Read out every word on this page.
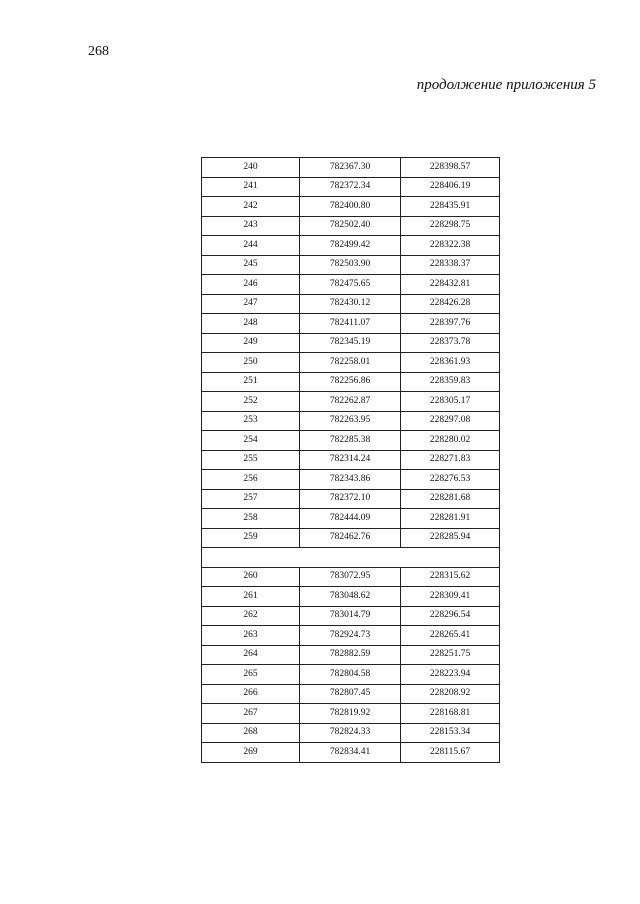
268
продолжение приложения 5
240	782367.30	228398.57
241	782372.34	228406.19
242	782400.80	228435.91
243	782502.40	228298.75
244	782499.42	228322.38
245	782503.90	228338.37
246	782475.65	228432.81
247	782430.12	228426.28
248	782411.07	228397.76
249	782345.19	228373.78
250	782258.01	228361.93
251	782256.86	228359.83
252	782262.87	228305.17
253	782263.95	228297.08
254	782285.38	228280.02
255	782314.24	228271.83
256	782343.86	228276.53
257	782372.10	228281.68
258	782444.09	228281.91
259	782462.76	228285.94

260	783072.95	228315.62
261	783048.62	228309.41
262	783014.79	228296.54
263	782924.73	228265.41
264	782882.59	228251.75
265	782804.58	228223.94
266	782807.45	228208.92
267	782819.92	228168.81
268	782824.33	228153.34
269	782834.41	228115.67
